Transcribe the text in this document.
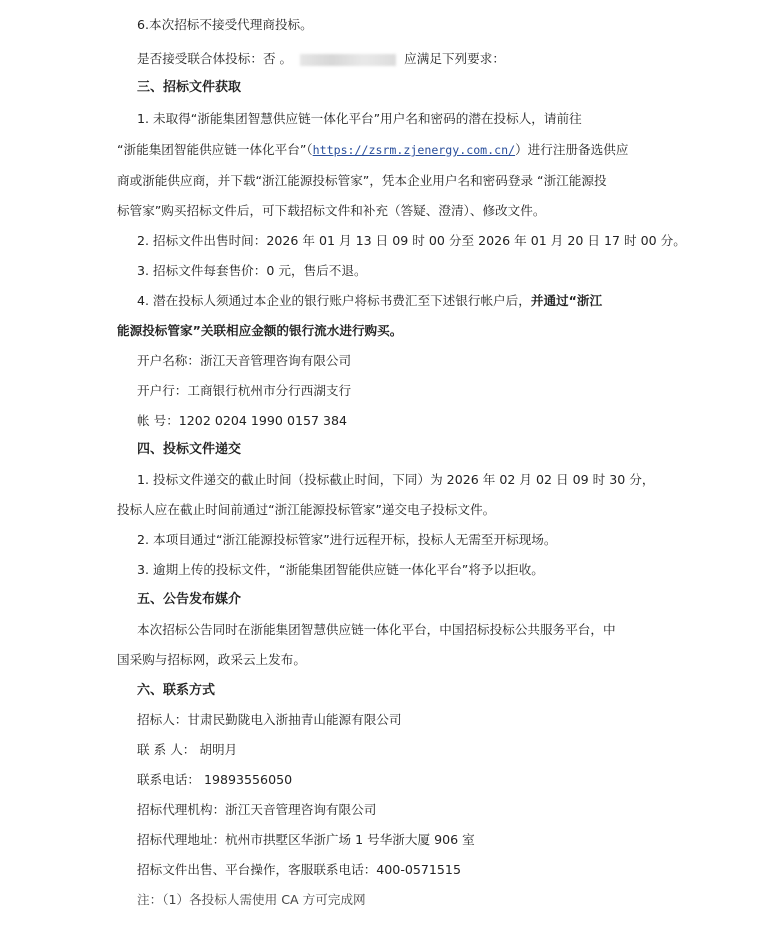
6.本次招标不接受代理商投标。
是否接受联合体投标：否 。	应满足下列要求：
三、招标文件获取
1. 未取得“浙能集团智慧供应链一体化平台”用户名和密码的潜在投标人，请前往
“浙能集团智能供应链一体化平台”（https://zsrm.zjenergy.com.cn/）进行注册备选供应
商或浙能供应商，并下载“浙江能源投标管家”，凭本企业用户名和密码登录 “浙江能源投
标管家”购买招标文件后，可下载招标文件和补充（答疑、澄清）、修改文件。
2. 招标文件出售时间：2026 年 01 月 13 日 09 时 00 分至 2026 年 01 月 20 日 17 时 00 分。
3. 招标文件每套售价：0 元，售后不退。
4. 潜在投标人须通过本企业的银行账户将标书费汇至下述银行帐户后，并通过“浙江
能源投标管家”关联相应金额的银行流水进行购买。
开户名称：浙江天音管理咨询有限公司
开户行：工商银行杭州市分行西湖支行
帐 号：1202 0204 1990 0157 384
四、投标文件递交
1. 投标文件递交的截止时间（投标截止时间，下同）为 2026 年 02 月 02 日 09 时 30 分，
投标人应在截止时间前通过“浙江能源投标管家”递交电子投标文件。
2. 本项目通过“浙江能源投标管家”进行远程开标，投标人无需至开标现场。
3. 逾期上传的投标文件，“浙能集团智能供应链一体化平台”将予以拒收。
五、公告发布媒介
本次招标公告同时在浙能集团智慧供应链一体化平台，中国招标投标公共服务平台，中
国采购与招标网，政采云上发布。
六、联系方式
招标人：甘肃民勤陇电入浙抽青山能源有限公司
联 系 人： 胡明月
联系电话： 19893556050
招标代理机构：浙江天音管理咨询有限公司
招标代理地址：杭州市拱墅区华浙广场 1 号华浙大厦 906 室
招标文件出售、平台操作，客服联系电话：400-0571515
注：（1）各投标人需使用 CA 方可完成网
